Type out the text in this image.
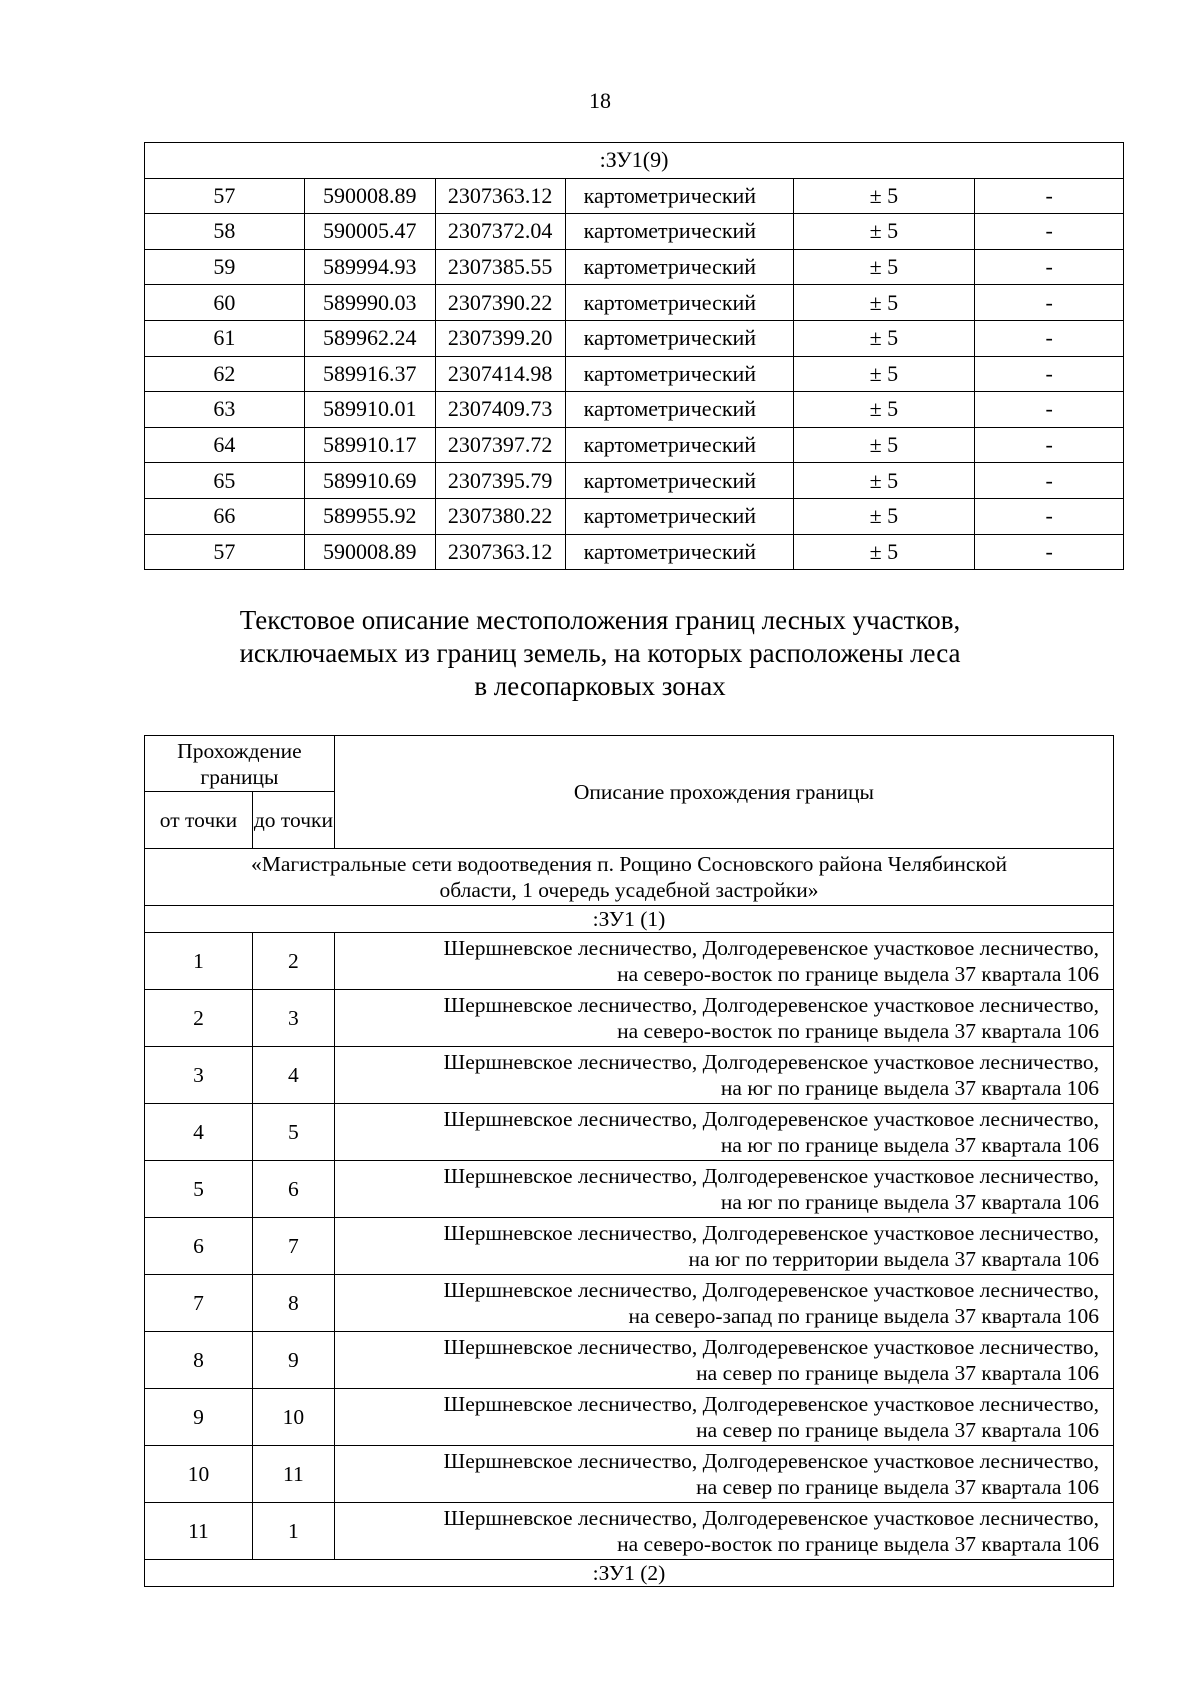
18
:ЗУ1(9)					
57	590008.89	2307363.12	картометрический	± 5	-
58	590005.47	2307372.04	картометрический	± 5	-
59	589994.93	2307385.55	картометрический	± 5	-
60	589990.03	2307390.22	картометрический	± 5	-
61	589962.24	2307399.20	картометрический	± 5	-
62	589916.37	2307414.98	картометрический	± 5	-
63	589910.01	2307409.73	картометрический	± 5	-
64	589910.17	2307397.72	картометрический	± 5	-
65	589910.69	2307395.79	картометрический	± 5	-
66	589955.92	2307380.22	картометрический	± 5	-
57	590008.89	2307363.12	картометрический	± 5	-
Текстовое описание местоположения границ лесных участков,
исключаемых из границ земель, на которых расположены леса
в лесопарковых зонах
Прохождение границы		Описание прохождения границы
от точки	до точки	

«Магистральные сети водоотведения п. Рощино Сосновского района Челябинской
области, 1 очередь усадебной застройки»		

:ЗУ1 (1)		
1	2	Шершневское лесничество, Долгодеревенское участковое лесничество,
на северо-восток по границе выдела 37 квартала 106

2	3	Шершневское лесничество, Долгодеревенское участковое лесничество,
на северо-восток по границе выдела 37 квартала 106

3	4	Шершневское лесничество, Долгодеревенское участковое лесничество,
на юг по границе выдела 37 квартала 106

4	5	Шершневское лесничество, Долгодеревенское участковое лесничество,
на юг по границе выдела 37 квартала 106

5	6	Шершневское лесничество, Долгодеревенское участковое лесничество,
на юг по границе выдела 37 квартала 106

6	7	Шершневское лесничество, Долгодеревенское участковое лесничество,
на юг по территории выдела 37 квартала 106

7	8	Шершневское лесничество, Долгодеревенское участковое лесничество,
на северо-запад по границе выдела 37 квартала 106

8	9	Шершневское лесничество, Долгодеревенское участковое лесничество,
на север по границе выдела 37 квартала 106

9	10	Шершневское лесничество, Долгодеревенское участковое лесничество,
на север по границе выдела 37 квартала 106

10	11	Шершневское лесничество, Долгодеревенское участковое лесничество,
на север по границе выдела 37 квартала 106

11	1	Шершневское лесничество, Долгодеревенское участковое лесничество,
на северо-восток по границе выдела 37 квартала 106

:ЗУ1 (2)		
